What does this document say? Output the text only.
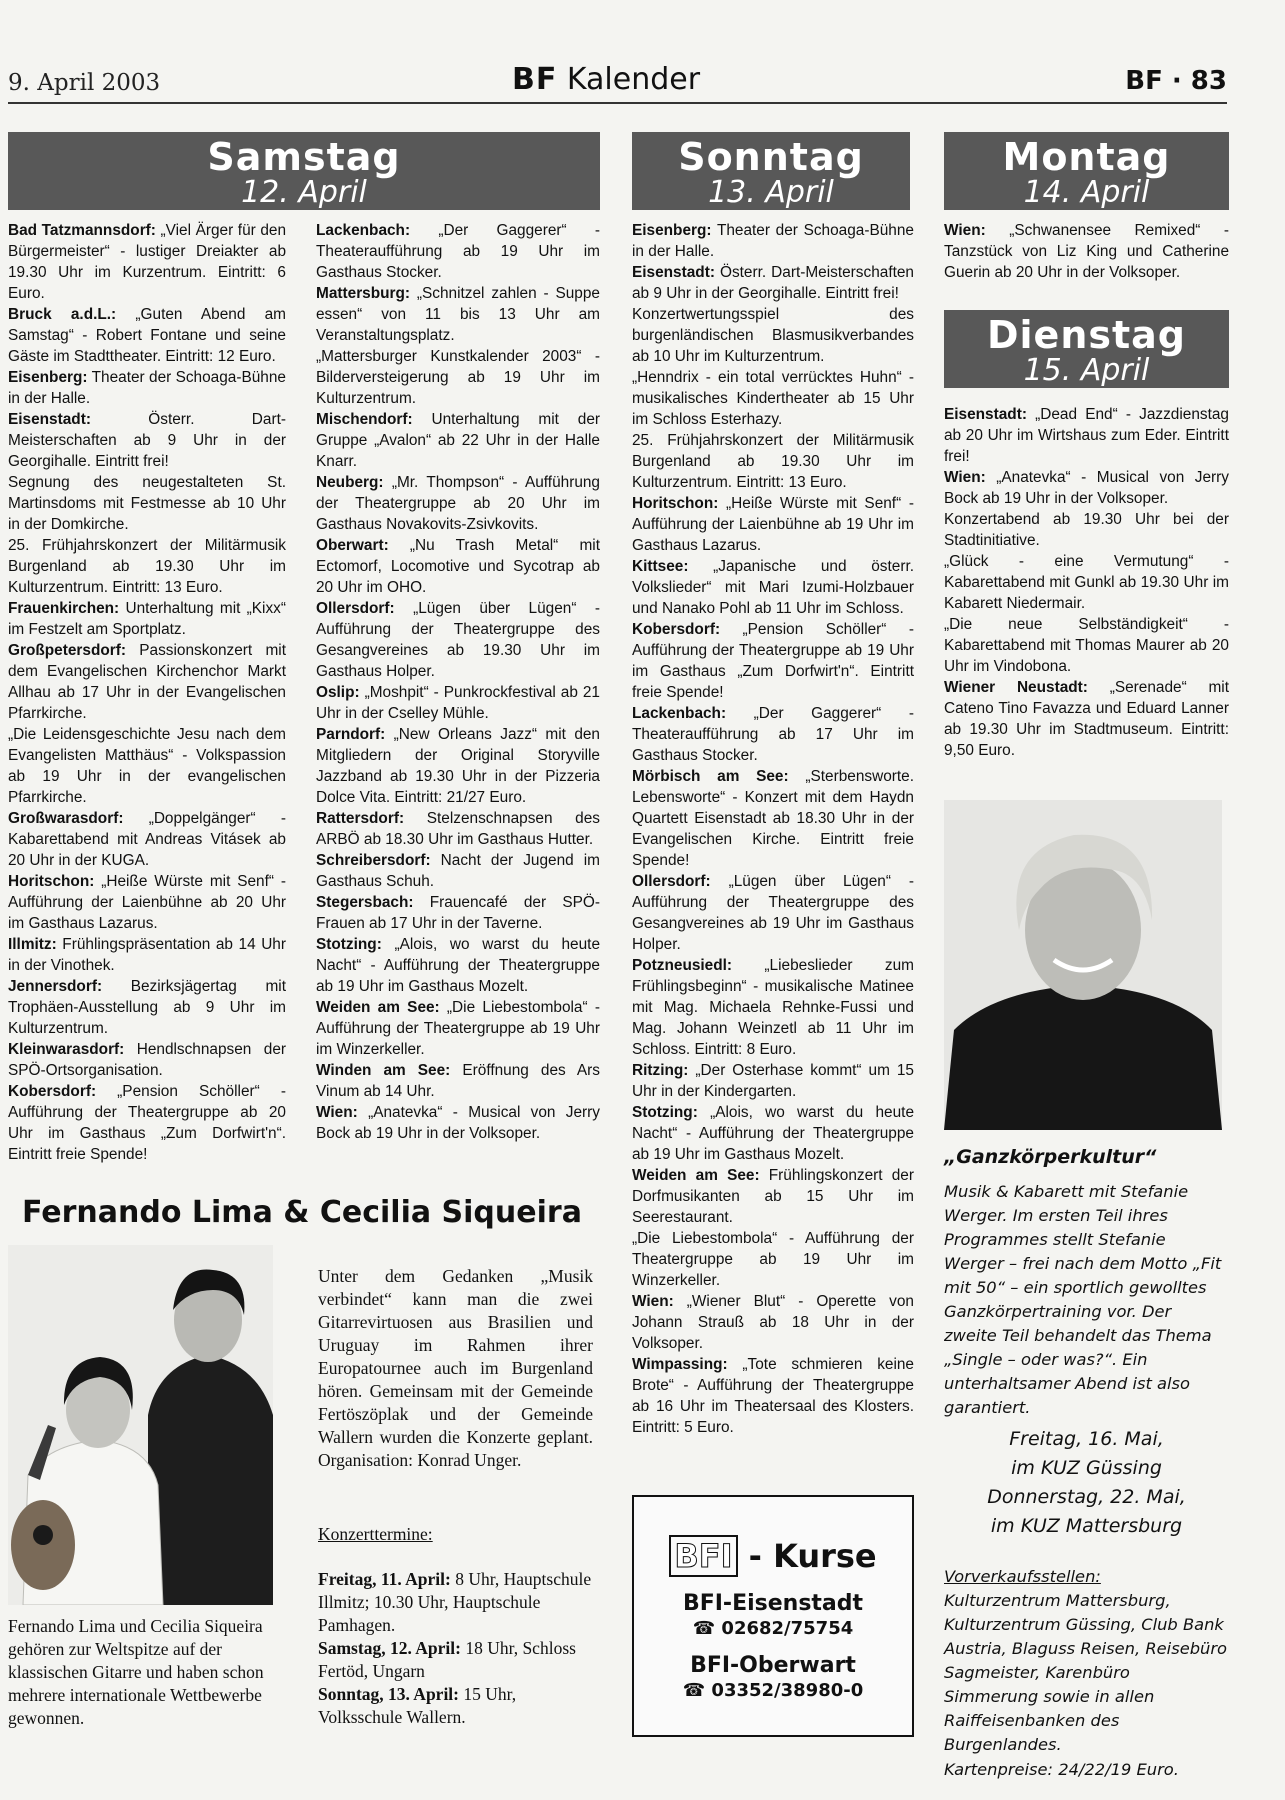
9. April 2003	BF Kalender	BF · 83
Samstag
12. April
Sonntag
13. April
Montag
14. April
Dienstag
15. April

Bad Tatzmannsdorf: „Viel Ärger für den Bürgermeister“ - lustiger Dreiakter ab 19.30 Uhr im Kurzentrum. Eintritt: 6 Euro.

Bruck a.d.L.: „Guten Abend am Samstag“ - Robert Fontane und seine Gäste im Stadttheater. Eintritt: 12 Euro.

Eisenberg: Theater der Schoaga-Bühne in der Halle.

Eisenstadt: Österr. Dart-Meisterschaften ab 9 Uhr in der Georgihalle. Eintritt frei!

Segnung des neugestalteten St. Martinsdoms mit Festmesse ab 10 Uhr in der Domkirche.

25. Frühjahrskonzert der Militärmusik Burgenland ab 19.30 Uhr im Kulturzentrum. Eintritt: 13 Euro.

Frauenkirchen: Unterhaltung mit „Kixx“ im Festzelt am Sportplatz.

Großpetersdorf: Passionskonzert mit dem Evangelischen Kirchenchor Markt Allhau ab 17 Uhr in der Evangelischen Pfarrkirche.

„Die Leidensgeschichte Jesu nach dem Evangelisten Matthäus“ - Volkspassion ab 19 Uhr in der evangelischen Pfarrkirche.

Großwarasdorf: „Doppelgänger“ - Kabarettabend mit Andreas Vitásek ab 20 Uhr in der KUGA.

Horitschon: „Heiße Würste mit Senf“ - Aufführung der Laienbühne ab 20 Uhr im Gasthaus Lazarus.

Illmitz: Frühlingspräsentation ab 14 Uhr in der Vinothek.

Jennersdorf: Bezirksjägertag mit Trophäen-Ausstellung ab 9 Uhr im Kulturzentrum.

Kleinwarasdorf: Hendlschnapsen der SPÖ-Ortsorganisation.

Kobersdorf: „Pension Schöller“ -Aufführung der Theatergruppe ab 20 Uhr im Gasthaus „Zum Dorfwirt'n“. Eintritt freie Spende!

Lackenbach: „Der Gaggerer“ - Theateraufführung ab 19 Uhr im Gasthaus Stocker.

Mattersburg: „Schnitzel zahlen - Suppe essen“ von 11 bis 13 Uhr am Veranstaltungsplatz.

„Mattersburger Kunstkalender 2003“ - Bilderversteigerung ab 19 Uhr im Kulturzentrum.

Mischendorf: Unterhaltung mit der Gruppe „Avalon“ ab 22 Uhr in der Halle Knarr.

Neuberg: „Mr. Thompson“ - Aufführung der Theatergruppe ab 20 Uhr im Gasthaus Novakovits-Zsivkovits.

Oberwart: „Nu Trash Metal“ mit Ectomorf, Locomotive und Sycotrap ab 20 Uhr im OHO.

Ollersdorf: „Lügen über Lügen“ - Aufführung der Theatergruppe des Gesangvereines ab 19.30 Uhr im Gasthaus Holper.

Oslip: „Moshpit“ - Punkrockfestival ab 21 Uhr in der Cselley Mühle.

Parndorf: „New Orleans Jazz“ mit den Mitgliedern der Original Storyville Jazzband ab 19.30 Uhr in der Pizzeria Dolce Vita. Eintritt: 21/27 Euro.

Rattersdorf: Stelzenschnapsen des ARBÖ ab 18.30 Uhr im Gasthaus Hutter.

Schreibersdorf: Nacht der Jugend im Gasthaus Schuh.

Stegersbach: Frauencafé der SPÖ-Frauen ab 17 Uhr in der Taverne.

Stotzing: „Alois, wo warst du heute Nacht“ - Aufführung der Theatergruppe ab 19 Uhr im Gasthaus Mozelt.

Weiden am See: „Die Liebestombola“ - Aufführung der Theatergruppe ab 19 Uhr im Winzerkeller.

Winden am See: Eröffnung des Ars Vinum ab 14 Uhr.

Wien: „Anatevka“ - Musical von Jerry Bock ab 19 Uhr in der Volksoper.

Eisenberg: Theater der Schoaga-Bühne in der Halle.

Eisenstadt: Österr. Dart-Meisterschaften ab 9 Uhr in der Georgihalle. Eintritt frei!

Konzertwertungsspiel des burgenländischen Blasmusikverbandes ab 10 Uhr im Kulturzentrum.

„Henndrix - ein total verrücktes Huhn“ - musikalisches Kindertheater ab 15 Uhr im Schloss Esterhazy.

25. Frühjahrskonzert der Militärmusik Burgenland ab 19.30 Uhr im Kulturzentrum. Eintritt: 13 Euro.

Horitschon: „Heiße Würste mit Senf“ - Aufführung der Laienbühne ab 19 Uhr im Gasthaus Lazarus.

Kittsee: „Japanische und österr. Volkslieder“ mit Mari Izumi-Holzbauer und Nanako Pohl ab 11 Uhr im Schloss.

Kobersdorf: „Pension Schöller“ -Aufführung der Theatergruppe ab 19 Uhr im Gasthaus „Zum Dorfwirt'n“. Eintritt freie Spende!

Lackenbach: „Der Gaggerer“ - Theateraufführung ab 17 Uhr im Gasthaus Stocker.

Mörbisch am See: „Sterbensworte. Lebensworte“ - Konzert mit dem Haydn Quartett Eisenstadt ab 18.30 Uhr in der Evangelischen Kirche. Eintritt freie Spende!

Ollersdorf: „Lügen über Lügen“ - Aufführung der Theatergruppe des Gesangvereines ab 19 Uhr im Gasthaus Holper.

Potzneusiedl: „Liebeslieder zum Frühlingsbeginn“ - musikalische Matinee mit Mag. Michaela Rehnke-Fussi und Mag. Johann Weinzetl ab 11 Uhr im Schloss. Eintritt: 8 Euro.

Ritzing: „Der Osterhase kommt“ um 15 Uhr in der Kindergarten.

Stotzing: „Alois, wo warst du heute Nacht“ - Aufführung der Theatergruppe ab 19 Uhr im Gasthaus Mozelt.

Weiden am See: Frühlingskonzert der Dorfmusikanten ab 15 Uhr im Seerestaurant.

„Die Liebestombola“ - Aufführung der Theatergruppe ab 19 Uhr im Winzerkeller.

Wien: „Wiener Blut“ - Operette von Johann Strauß ab 18 Uhr in der Volksoper.

Wimpassing: „Tote schmieren keine Brote“ - Aufführung der Theatergruppe ab 16 Uhr im Theatersaal des Klosters. Eintritt: 5 Euro.

Wien: „Schwanensee Remixed“ - Tanzstück von Liz King und Catherine Guerin ab 20 Uhr in der Volksoper.

Eisenstadt: „Dead End“ - Jazzdienstag ab 20 Uhr im Wirtshaus zum Eder. Eintritt frei!

Wien: „Anatevka“ - Musical von Jerry Bock ab 19 Uhr in der Volksoper.

Konzertabend ab 19.30 Uhr bei der Stadtinitiative.

„Glück - eine Vermutung“ - Kabarettabend mit Gunkl ab 19.30 Uhr im Kabarett Niedermair.

„Die neue Selbständigkeit“ - Kabarettabend mit Thomas Maurer ab 20 Uhr im Vindobona.

Wiener Neustadt: „Serenade“ mit Cateno Tino Favazza und Eduard Lanner ab 19.30 Uhr im Stadtmuseum. Eintritt: 9,50 Euro.

Fernando Lima & Cecilia Siqueira
Fernando Lima und Cecilia Siqueira gehören zur Weltspitze auf der klassischen Gitarre und haben schon mehrere internationale Wettbewerbe gewonnen.
Unter dem Gedanken „Musik verbindet“ kann man die zwei Gitarrevirtuosen aus Brasilien und Uruguay im Rahmen ihrer Europatournee auch im Burgenland hören. Gemeinsam mit der Gemeinde Fertöszöplak und der Gemeinde Wallern wurden die Konzerte geplant. Organisation: Konrad Unger.
Konzerttermine:

Freitag, 11. April: 8 Uhr, Hauptschule Illmitz; 10.30 Uhr, Hauptschule Pamhagen.

Samstag, 12. April: 18 Uhr, Schloss Fertöd, Ungarn

Sonntag, 13. April: 15 Uhr, Volksschule Wallern.

BFI - Kurse
BFI-Eisenstadt
☎ 02682/75754
BFI-Oberwart
☎ 03352/38980-0
„Ganzkörperkultur“
Musik & Kabarett mit Stefanie Werger. Im ersten Teil ihres Programmes stellt Stefanie Werger – frei nach dem Motto „Fit mit 50“ – ein sportlich gewolltes Ganzkörpertraining vor. Der zweite Teil behandelt das Thema „Single – oder was?“. Ein unterhaltsamer Abend ist also garantiert.

Freitag, 16. Mai,

im KUZ Güssing

Donnerstag, 22. Mai,

im KUZ Mattersburg

Vorverkaufsstellen:
Kulturzentrum Mattersburg, Kulturzentrum Güssing, Club Bank Austria, Blaguss Reisen, Reisebüro Sagmeister, Karenbüro Simmerung sowie in allen Raiffeisenbanken des Burgenlandes.
Kartenpreise: 24/22/19 Euro.
